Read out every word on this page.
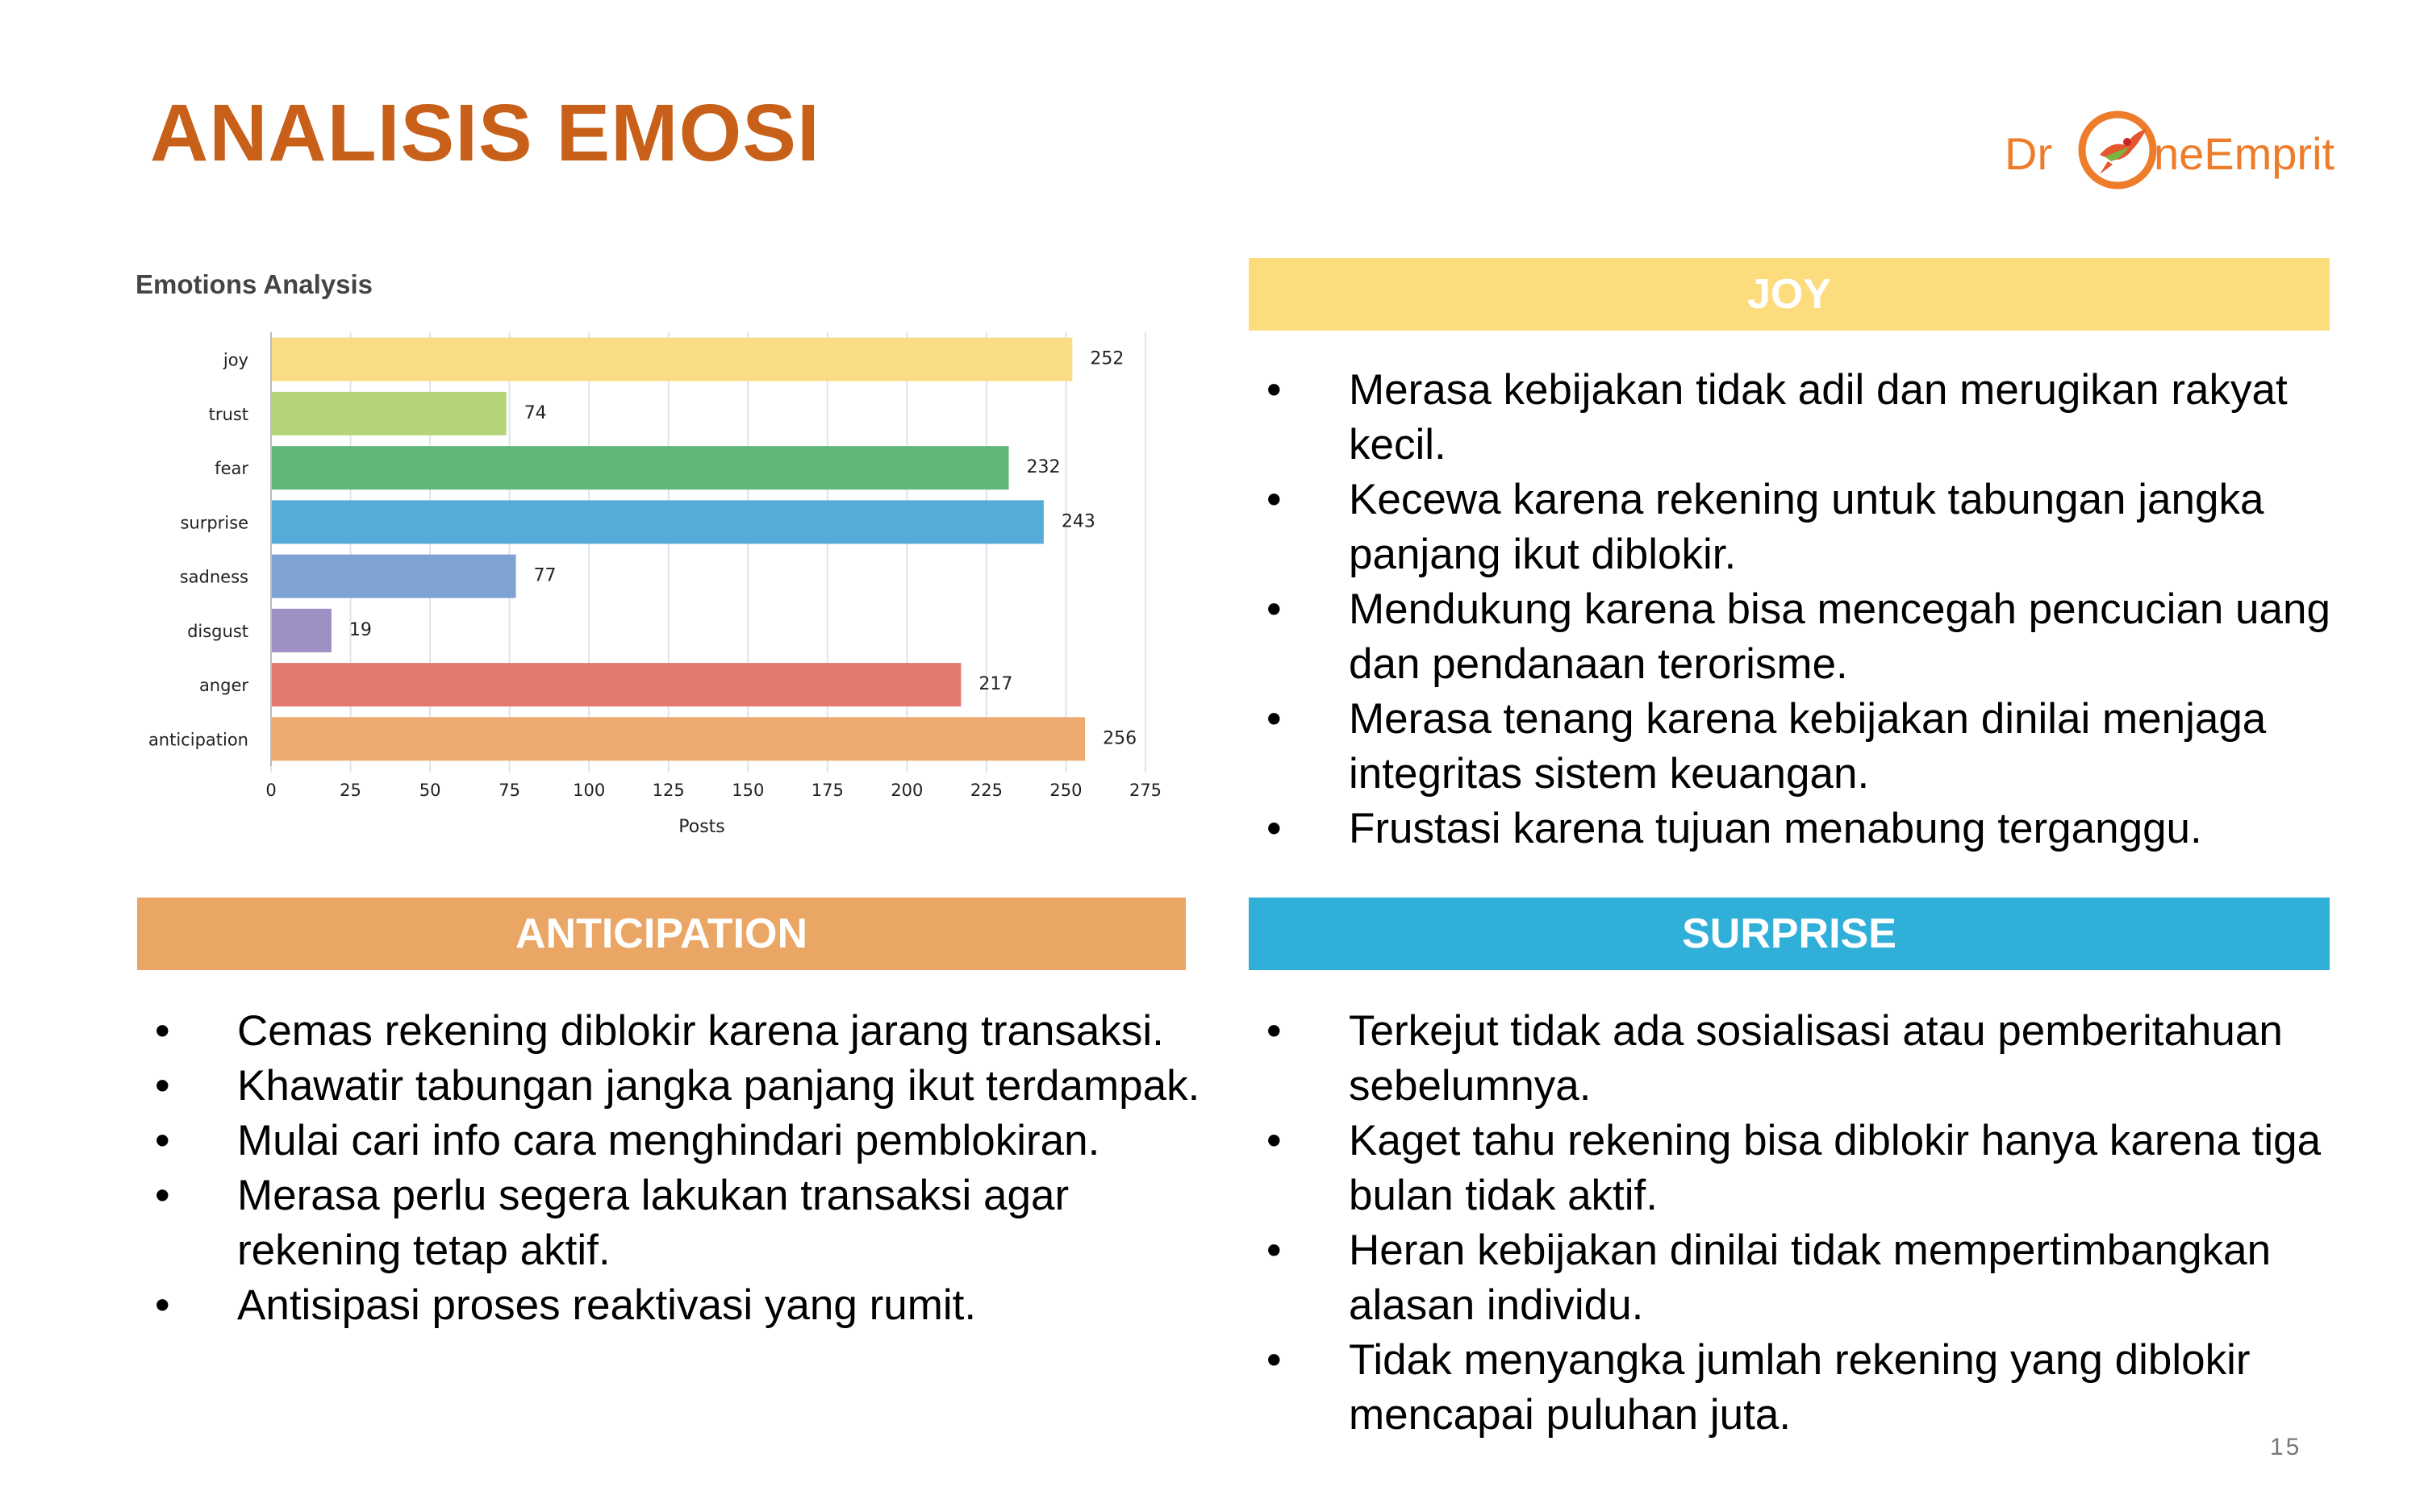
ANALISIS EMOSI	Dr neEmprit
Emotions Analysis
0	25	50	75	100	125	150	175	200	225	250	275
joy	252
trust	74
fear	232
surprise	243
sadness	77
disgust	19
anger	217
anticipation	256
Posts
JOY
• Merasa kebijakan tidak adil dan merugikan rakyat kecil.
• Kecewa karena rekening untuk tabungan jangka panjang ikut diblokir.
• Mendukung karena bisa mencegah pencucian uang dan pendanaan terorisme.
• Merasa tenang karena kebijakan dinilai menjaga integritas sistem keuangan.
• Frustasi karena tujuan menabung terganggu.
ANTICIPATION
• Cemas rekening diblokir karena jarang transaksi.
• Khawatir tabungan jangka panjang ikut terdampak.
• Mulai cari info cara menghindari pemblokiran.
• Merasa perlu segera lakukan transaksi agar rekening tetap aktif.
• Antisipasi proses reaktivasi yang rumit.
SURPRISE
• Terkejut tidak ada sosialisasi atau pemberitahuan sebelumnya.
• Kaget tahu rekening bisa diblokir hanya karena tiga bulan tidak aktif.
• Heran kebijakan dinilai tidak mempertimbangkan alasan individu.
• Tidak menyangka jumlah rekening yang diblokir mencapai puluhan juta.
15
